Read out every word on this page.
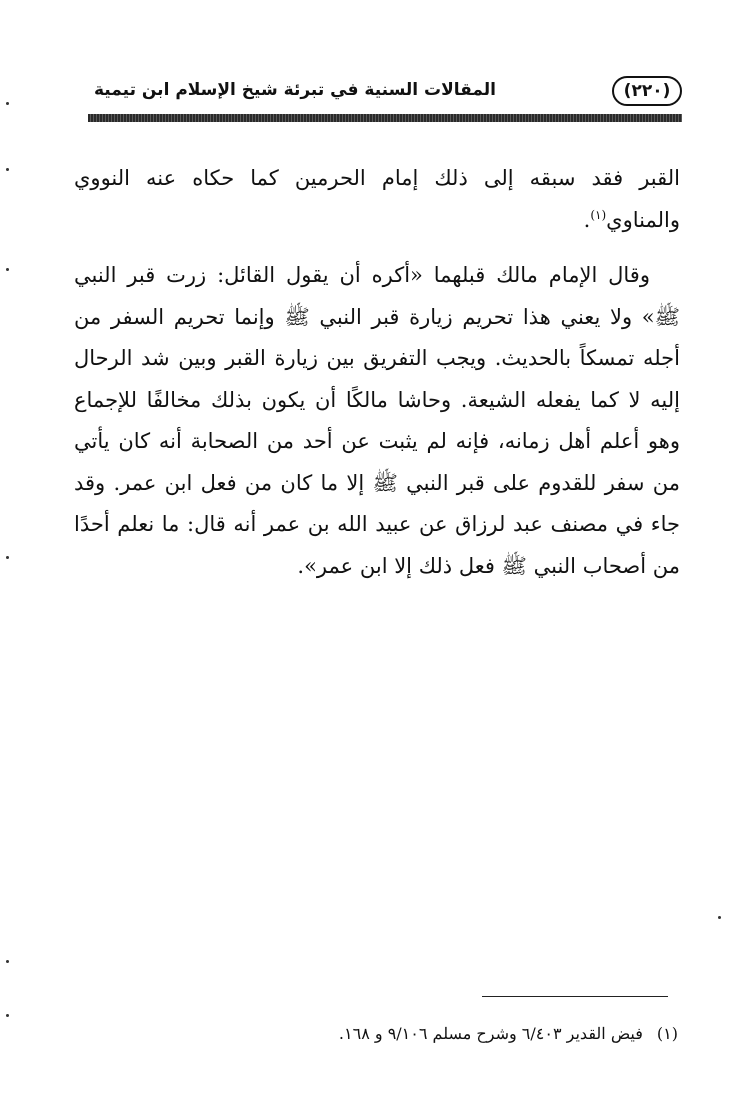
المقالات السنية في تبرئة شيخ الإسلام ابن تيمية	(٢٢٠)

القبر فقد سبقه إلى ذلك إمام الحرمين كما حكاه عنه النووي والمناوي$^{(١)}$.

وقال الإمام مالك قبلهما «أكره أن يقول القائل: زرت قبر النبي ﷺ» ولا يعني هذا تحريم زيارة قبر النبي ﷺ وإنما تحريم السفر من أجله تمسكاً بالحديث. ويجب التفريق بين زيارة القبر وبين شد الرحال إليه لا كما يفعله الشيعة. وحاشا مالكًا أن يكون بذلك مخالفًا للإجماع وهو أعلم أهل زمانه، فإنه لم يثبت عن أحد من الصحابة أنه كان يأتي من سفر للقدوم على قبر النبي ﷺ إلا ما كان من فعل ابن عمر. وقد جاء في مصنف عبد لرزاق عن عبيد الله بن عمر أنه قال: ما نعلم أحدًا من أصحاب النبي ﷺ فعل ذلك إلا ابن عمر».

(١)فيض القدير ٦/٤٠٣ وشرح مسلم ٩/١٠٦ و ١٦٨.
